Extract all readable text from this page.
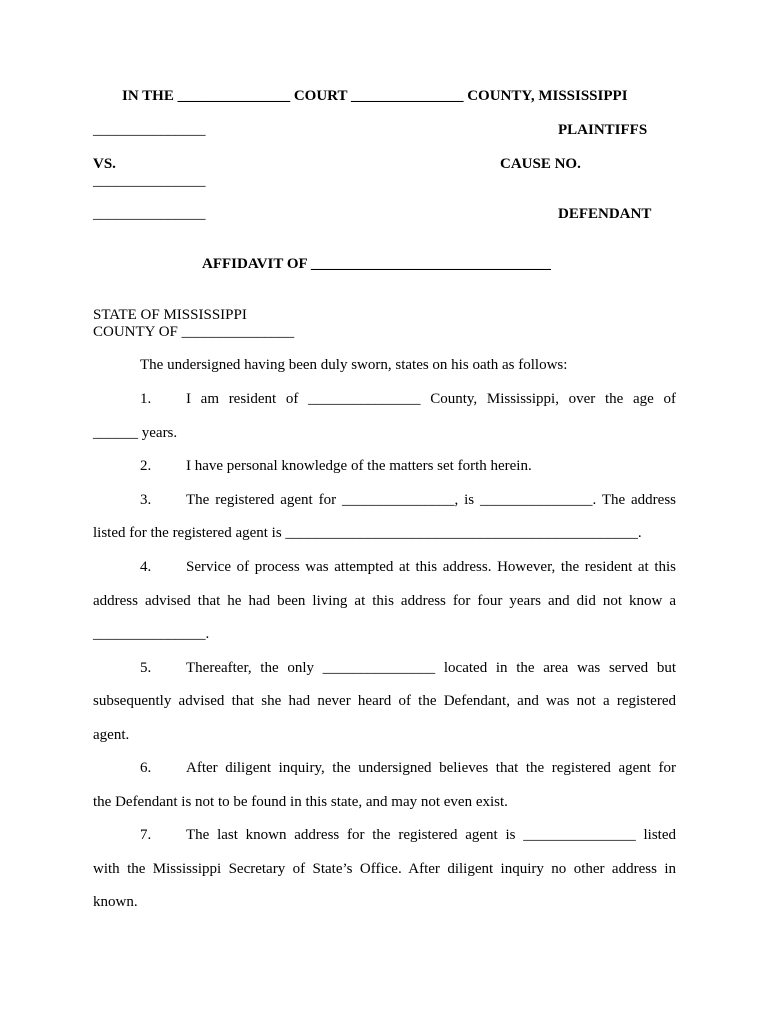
IN THE _______________ COURT _______________ COUNTY, MISSISSIPPI
_______________	PLAINTIFFS
VS.	CAUSE NO.
_______________
_______________	DEFENDANT
AFFIDAVIT OF ________________________________
STATE OF MISSISSIPPI
COUNTY OF _______________
The undersigned having been duly sworn, states on his oath as follows:
1. I am resident of _______________ County, Mississippi, over the age of
______ years.
2. I have personal knowledge of the matters set forth herein.
3. The registered agent for _______________, is _______________. The address
listed for the registered agent is _______________________________________________.
4. Service of process was attempted at this address. However, the resident at this
address advised that he had been living at this address for four years and did not know a
_______________.
5. Thereafter, the only _______________ located in the area was served but
subsequently advised that she had never heard of the Defendant, and was not a registered
agent.
6. After diligent inquiry, the undersigned believes that the registered agent for
the Defendant is not to be found in this state, and may not even exist.
7. The last known address for the registered agent is _______________ listed
with the Mississippi Secretary of State’s Office. After diligent inquiry no other address in
known.
